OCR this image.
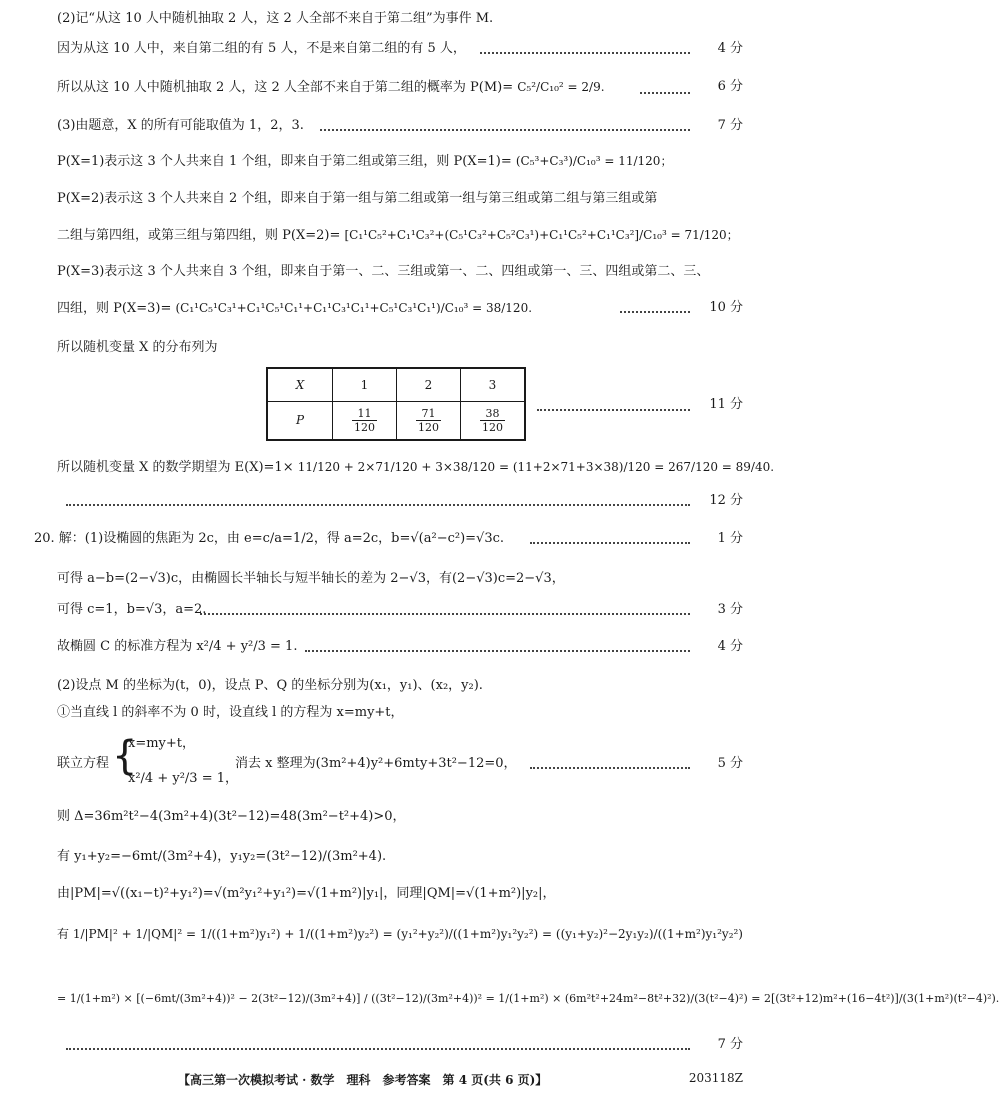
(2)记“从这 10 人中随机抽取 2 人，这 2 人全部不来自于第二组”为事件 M.
因为从这 10 人中，来自第二组的有 5 人，不是来自第二组的有 5 人，	4 分
所以从这 10 人中随机抽取 2 人，这 2 人全部不来自于第二组的概率为 P(M)= C₅²/C₁₀² = 2/9.	6 分
(3)由题意，X 的所有可能取值为 1，2，3.	7 分
P(X=1)表示这 3 个人共来自 1 个组，即来自于第二组或第三组，则 P(X=1)= (C₅³+C₃³)/C₁₀³ = 11/120；
P(X=2)表示这 3 个人共来自 2 个组，即来自于第一组与第二组或第一组与第三组或第二组与第三组或第
二组与第四组，或第三组与第四组，则 P(X=2)= [C₁¹C₅²+C₁¹C₃²+(C₅¹C₃²+C₅²C₃¹)+C₁¹C₅²+C₁¹C₃²]/C₁₀³ = 71/120；
P(X=3)表示这 3 个人共来自 3 个组，即来自于第一、二、三组或第一、二、四组或第一、三、四组或第二、三、
四组，则 P(X=3)= (C₁¹C₅¹C₃¹+C₁¹C₅¹C₁¹+C₁¹C₃¹C₁¹+C₅¹C₃¹C₁¹)/C₁₀³ = 38/120.	10 分
所以随机变量 X 的分布列为
X	1	2	3
P	$\frac{11}{120}$	$\frac{71}{120}$	$\frac{38}{120}$
11 分
所以随机变量 X 的数学期望为 E(X)=1× 11/120 + 2×71/120 + 3×38/120 = (11+2×71+3×38)/120 = 267/120 = 89/40.
12 分
20. 解：(1)设椭圆的焦距为 2c，由 e=c/a=1/2，得 a=2c，b=√(a²−c²)=√3c.	1 分
可得 a−b=(2−√3)c，由椭圆长半轴长与短半轴长的差为 2−√3，有(2−√3)c=2−√3，
可得 c=1，b=√3，a=2.	3 分
故椭圆 C 的标准方程为 x²/4 + y²/3 = 1.	4 分
(2)设点 M 的坐标为(t，0)，设点 P、Q 的坐标分别为(x₁，y₁)、(x₂，y₂).
①当直线 l 的斜率不为 0 时，设直线 l 的方程为 x=my+t，
联立方程 {
x=my+t，
x²/4 + y²/3 = 1，
消去 x 整理为(3m²+4)y²+6mty+3t²−12=0，	5 分
则 Δ=36m²t²−4(3m²+4)(3t²−12)=48(3m²−t²+4)>0，
有 y₁+y₂=−6mt/(3m²+4)，y₁y₂=(3t²−12)/(3m²+4).
由|PM|=√((x₁−t)²+y₁²)=√(m²y₁²+y₁²)=√(1+m²)|y₁|，同理|QM|=√(1+m²)|y₂|，
有 1/|PM|² + 1/|QM|² = 1/((1+m²)y₁²) + 1/((1+m²)y₂²) = (y₁²+y₂²)/((1+m²)y₁²y₂²) = ((y₁+y₂)²−2y₁y₂)/((1+m²)y₁²y₂²)
= 1/(1+m²) × [(−6mt/(3m²+4))² − 2(3t²−12)/(3m²+4)] / ((3t²−12)/(3m²+4))² = 1/(1+m²) × (6m²t²+24m²−8t²+32)/(3(t²−4)²) = 2[(3t²+12)m²+(16−4t²)]/(3(1+m²)(t²−4)²).
7 分
【高三第一次模拟考试 · 数学　理科　参考答案　第 4 页(共 6 页)】	203118Z
